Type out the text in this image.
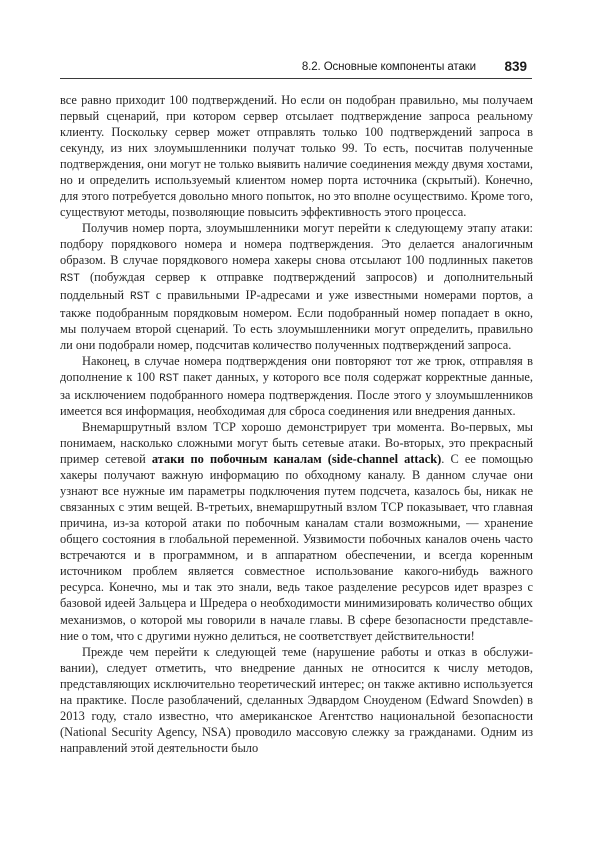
8.2. Основные компоненты атаки 839

все равно приходит 100 подтверждений. Но если он подобран правильно, мы получаем первый сценарий, при котором сервер отсылает подтверждение запроса реальному клиенту. Поскольку сервер может отправлять только 100 подтверждений запроса в секунду, из них злоумышленники получат только 99. То есть, посчитав полученные подтверждения, они могут не только выявить наличие соединения между двумя хостами, но и определить используемый клиентом номер порта источника (скрытый). Конечно, для этого потребуется довольно много попыток, но это вполне осуществимо. Кроме того, существуют методы, позволяющие повысить эффективность этого процесса.

Получив номер порта, злоумышленники могут перейти к следующему этапу атаки: подбору порядкового номера и номера подтверждения. Это делается аналогичным образом. В случае порядкового номера хакеры снова отсылают 100 подлинных пакетов RST (побуждая сервер к отправке подтверждений запросов) и дополнительный поддельный RST с правильными IP-адресами и уже известными номерами портов, а также подобранным порядковым номером. Если подобранный номер попадает в окно, мы получаем второй сценарий. То есть злоумышленники могут определить, правильно ли они подобрали номер, подсчитав количество полученных подтверждений запроса.

Наконец, в случае номера подтверждения они повторяют тот же трюк, отправляя в дополнение к 100 RST пакет данных, у которого все поля содержат корректные данные, за исключением подобранного номера подтверждения. После этого у злоумышленников имеется вся информация, необходимая для сброса соединения или внедрения данных.

Внемаршрутный взлом TCP хорошо демонстрирует три момента. Во-первых, мы понимаем, насколько сложными могут быть сетевые атаки. Во-вторых, это прекрасный пример сетевой атаки по побочным каналам (side-channel attack). С ее помощью хакеры получают важную информацию по обходному каналу. В данном случае они узнают все нужные им параметры подключения путем подсчета, казалось бы, никак не связанных с этим вещей. В-третьих, внемаршрутный взлом TCP показывает, что главная причина, из-за которой атаки по побочным каналам стали возможными, — хранение общего состояния в глобальной переменной. Уязвимости побочных каналов очень часто встречаются и в программном, и в аппаратном обеспечении, и всегда коренным источником проблем является совместное использование какого-нибудь важного ресурса. Конечно, мы и так это знали, ведь такое разделение ресурсов идет вразрез с базовой идеей Зальцера и Шредера о необходимости минимизировать количество общих механизмов, о которой мы говорили в начале главы. В сфере безопасности представление о том, что с другими нужно делиться, не соответствует действительности!

Прежде чем перейти к следующей теме (нарушение работы и отказ в обслуживании), следует отметить, что внедрение данных не относится к числу методов, представляющих исключительно теоретический интерес; он также активно используется на практике. После разоблачений, сделанных Эдвардом Сноуденом (Edward Snowden) в 2013 году, стало известно, что американское Агентство национальной безопасности (National Security Agency, NSA) проводило массовую слежку за гражданами. Одним из направлений этой деятельности было
